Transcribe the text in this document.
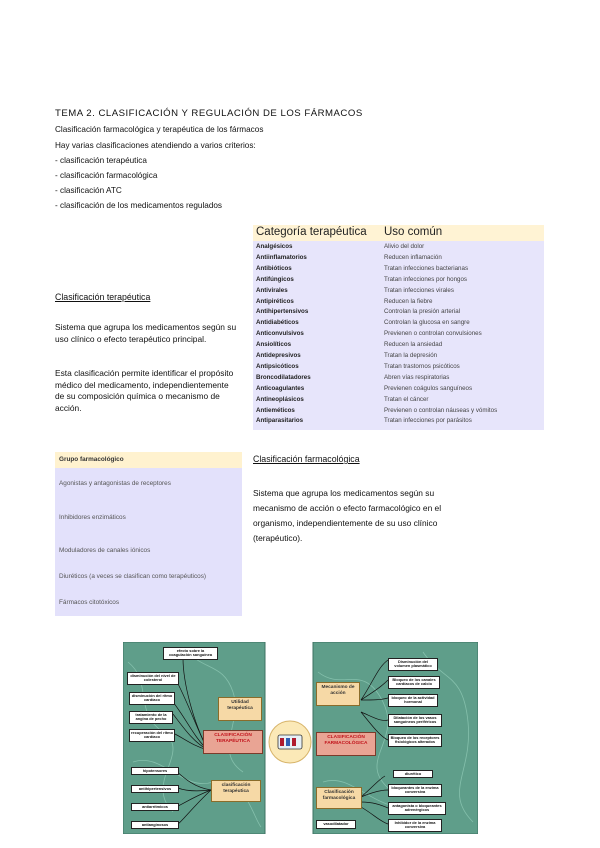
TEMA 2. CLASIFICACIÓN Y REGULACIÓN DE LOS FÁRMACOS
Clasificación farmacológica y terapéutica de los fármacos
Hay varias clasificaciones atendiendo a varios criterios:
- clasificación terapéutica
- clasificación farmacológica
- clasificación ATC
- clasificación de los medicamentos regulados
Clasificación terapéutica
Sistema que agrupa los medicamentos según su uso clínico o efecto terapéutico principal.
Esta clasificación permite identificar el propósito médico del medicamento, independientemente de su composición química o mecanismo de acción.
Categoría terapéutica Uso común
Analgésicos	Alivio del dolor
Antiinflamatorios	Reducen inflamación
Antibióticos	Tratan infecciones bacterianas
Antifúngicos	Tratan infecciones por hongos
Antivirales	Tratan infecciones virales
Antipiréticos	Reducen la fiebre
Antihipertensivos	Controlan la presión arterial
Antidiabéticos	Controlan la glucosa en sangre
Anticonvulsivos	Previenen o controlan convulsiones
Ansiolíticos	Reducen la ansiedad
Antidepresivos	Tratan la depresión
Antipsicóticos	Tratan trastornos psicóticos
Broncodilatadores	Abren vías respiratorias
Anticoagulantes	Previenen coágulos sanguíneos
Antineoplásicos	Tratan el cáncer
Antieméticos	Previenen o controlan náuseas y vómitos
Antiparasitarios	Tratan infecciones por parásitos
Grupo farmacológico
Agonistas y antagonistas de receptores
Inhibidores enzimáticos
Moduladores de canales iónicos
Diuréticos (a veces se clasifican como terapéuticos)
Fármacos citotóxicos
Clasificación farmacológica
Sistema que agrupa los medicamentos según su mecanismo de acción o efecto farmacológico en el organismo, independientemente de su uso clínico (terapéutico).
efecto sobre la coagulación sanguínea
disminución del nivel de colesterol
disminución del ritmo cardíaco
tratamiento de la angina de pecho
recuperación del ritmo cardíaco
hipotensores
antihipertensivos
antiarrítmicos
antianginosos
Utilidad terapéutica
CLASIFICACIÓN TERAPÉUTICA
clasificación terapéutica
Disminución del volumen plasmático
Bloqueo de los canales cardíacos de calcio
bloqueo de la actividad hormonal
Dilatación de los vasos sanguíneos periféricos
Bloqueo de los receptores fisiológicos alterados
diurético
bloqueantes de la enzima conversiva
antagonista o bloqueantes adrenérgicos
Inhibidor de la enzima conversiva
vasodilatador
Mecanismo de acción
CLASIFICACIÓN FARMACOLÓGICA
Clasificación farmacológica
